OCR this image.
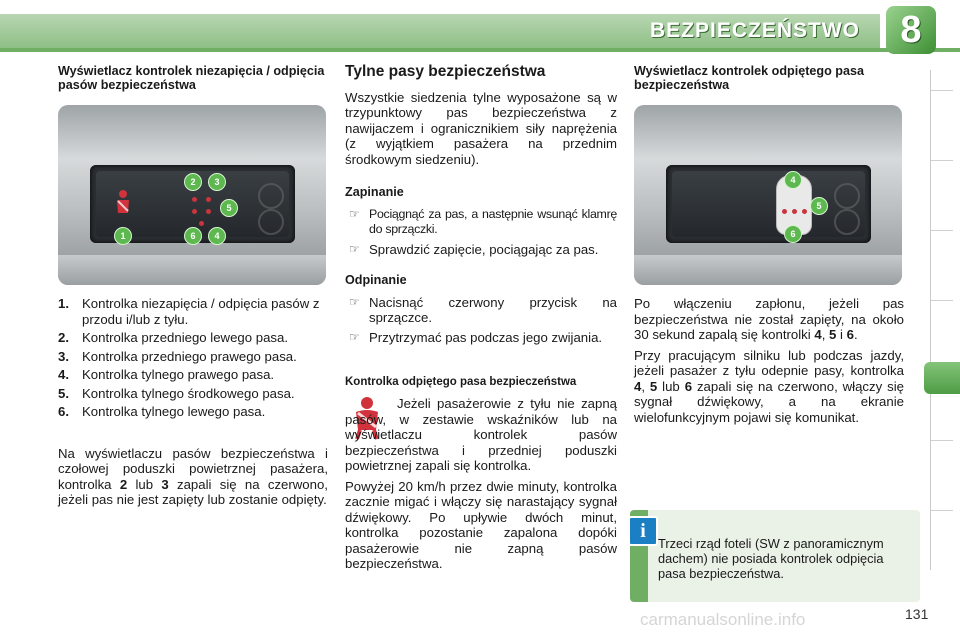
BEZPIECZEŃSTWO	8
Wyświetlacz kontrolek niezapięcia / odpięcia pasów bezpieczeństwa
2	3
5
1	6	4
1. Kontrolka niezapięcia / odpięcia pasów z przodu i/lub z tyłu.
2. Kontrolka przedniego lewego pasa.
3. Kontrolka przedniego prawego pasa.
4. Kontrolka tylnego prawego pasa.
5. Kontrolka tylnego środkowego pasa.
6. Kontrolka tylnego lewego pasa.

Na wyświetlaczu pasów bezpieczeństwa i czołowej poduszki powietrznej pasażera, kontrolka 2 lub 3 zapali się na czerwono, jeżeli pas nie jest zapięty lub zostanie odpięty.

Tylne pasy bezpieczeństwa

Wszystkie siedzenia tylne wyposażone są w trzypunktowy pas bezpieczeństwa z nawijaczem i ogranicznikiem siły naprężenia (z wyjątkiem pasażera na przednim środkowym siedzeniu).

Zapinanie
☞ Pociągnąć za pas, a następnie wsunąć klamrę do sprzączki.
☞ Sprawdzić zapięcie, pociągając za pas.
Odpinanie
☞ Nacisnąć czerwony przycisk na sprzączce.
☞ Przytrzymać pas podczas jego zwijania.
Kontrolka odpiętego pasa bezpieczeństwa

Jeżeli pasażerowie z tyłu nie zapną pasów, w zestawie wskaźników lub na wyświetlaczu kontrolek pasów bezpieczeństwa i przedniej poduszki powietrznej zapali się kontrolka.

Powyżej 20 km/h przez dwie minuty, kontrolka zacznie migać i włączy się narastający sygnał dźwiękowy. Po upływie dwóch minut, kontrolka pozostanie zapalona dopóki pasażerowie nie zapną pasów bezpieczeństwa.

Wyświetlacz kontrolek odpiętego pasa bezpieczeństwa
4
5
6

Po włączeniu zapłonu, jeżeli pas bezpieczeństwa nie został zapięty, na około 30 sekund zapalą się kontrolki 4, 5 i 6.

Przy pracującym silniku lub podczas jazdy, jeżeli pasażer z tyłu odepnie pasy, kontrolka 4, 5 lub 6 zapali się na czerwono, włączy się sygnał dźwiękowy, a na ekranie wielofunkcyjnym pojawi się komunikat.

i
Trzeci rząd foteli (SW z panoramicznym dachem) nie posiada kontrolek odpięcia pasa bezpieczeństwa.
carmanualsonline.info	131
